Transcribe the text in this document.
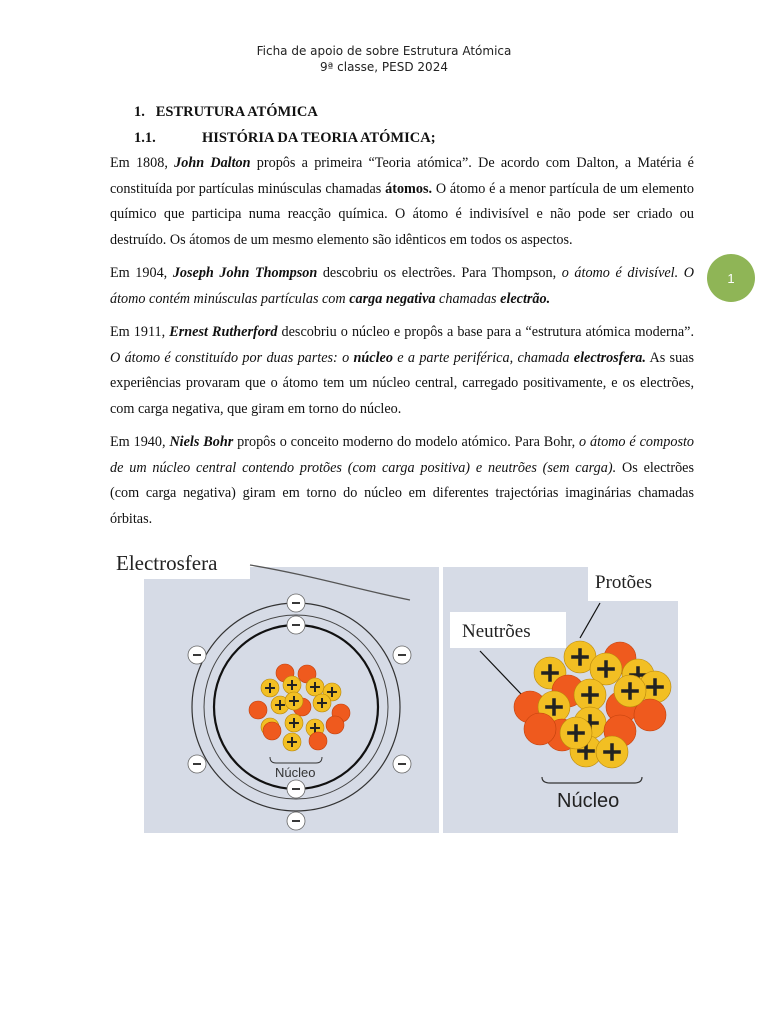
Ficha de apoio de sobre Estrutura Atómica
9ª classe, PESD 2024
1
1. ESTRUTURA ATÓMICA
1.1.	HISTÓRIA DA TEORIA ATÓMICA;

Em 1808, John Dalton propôs a primeira “Teoria atómica”. De acordo com Dalton, a Matéria é constituída por partículas minúsculas chamadas átomos. O átomo é a menor partícula de um elemento químico que participa numa reacção química. O átomo é indivisível e não pode ser criado ou destruído. Os átomos de um mesmo elemento são idênticos em todos os aspectos.

Em 1904, Joseph John Thompson descobriu os electrões. Para Thompson, o átomo é divisível. O átomo contém minúsculas partículas com carga negativa chamadas electrão.

Em 1911, Ernest Rutherford descobriu o núcleo e propôs a base para a “estrutura atómica moderna”. O átomo é constituído por duas partes: o núcleo e a parte periférica, chamada electrosfera. As suas experiências provaram que o átomo tem um núcleo central, carregado positivamente, e os electrões, com carga negativa, que giram em torno do núcleo.

Em 1940, Niels Bohr propôs o conceito moderno do modelo atómico. Para Bohr, o átomo é composto de um núcleo central contendo protões (com carga positiva) e neutrões (sem carga). Os electrões (com carga negativa) giram em torno do núcleo em diferentes trajectórias imaginárias chamadas órbitas.

Electrosfera
Núcleo
Protões
Neutrões
Núcleo
